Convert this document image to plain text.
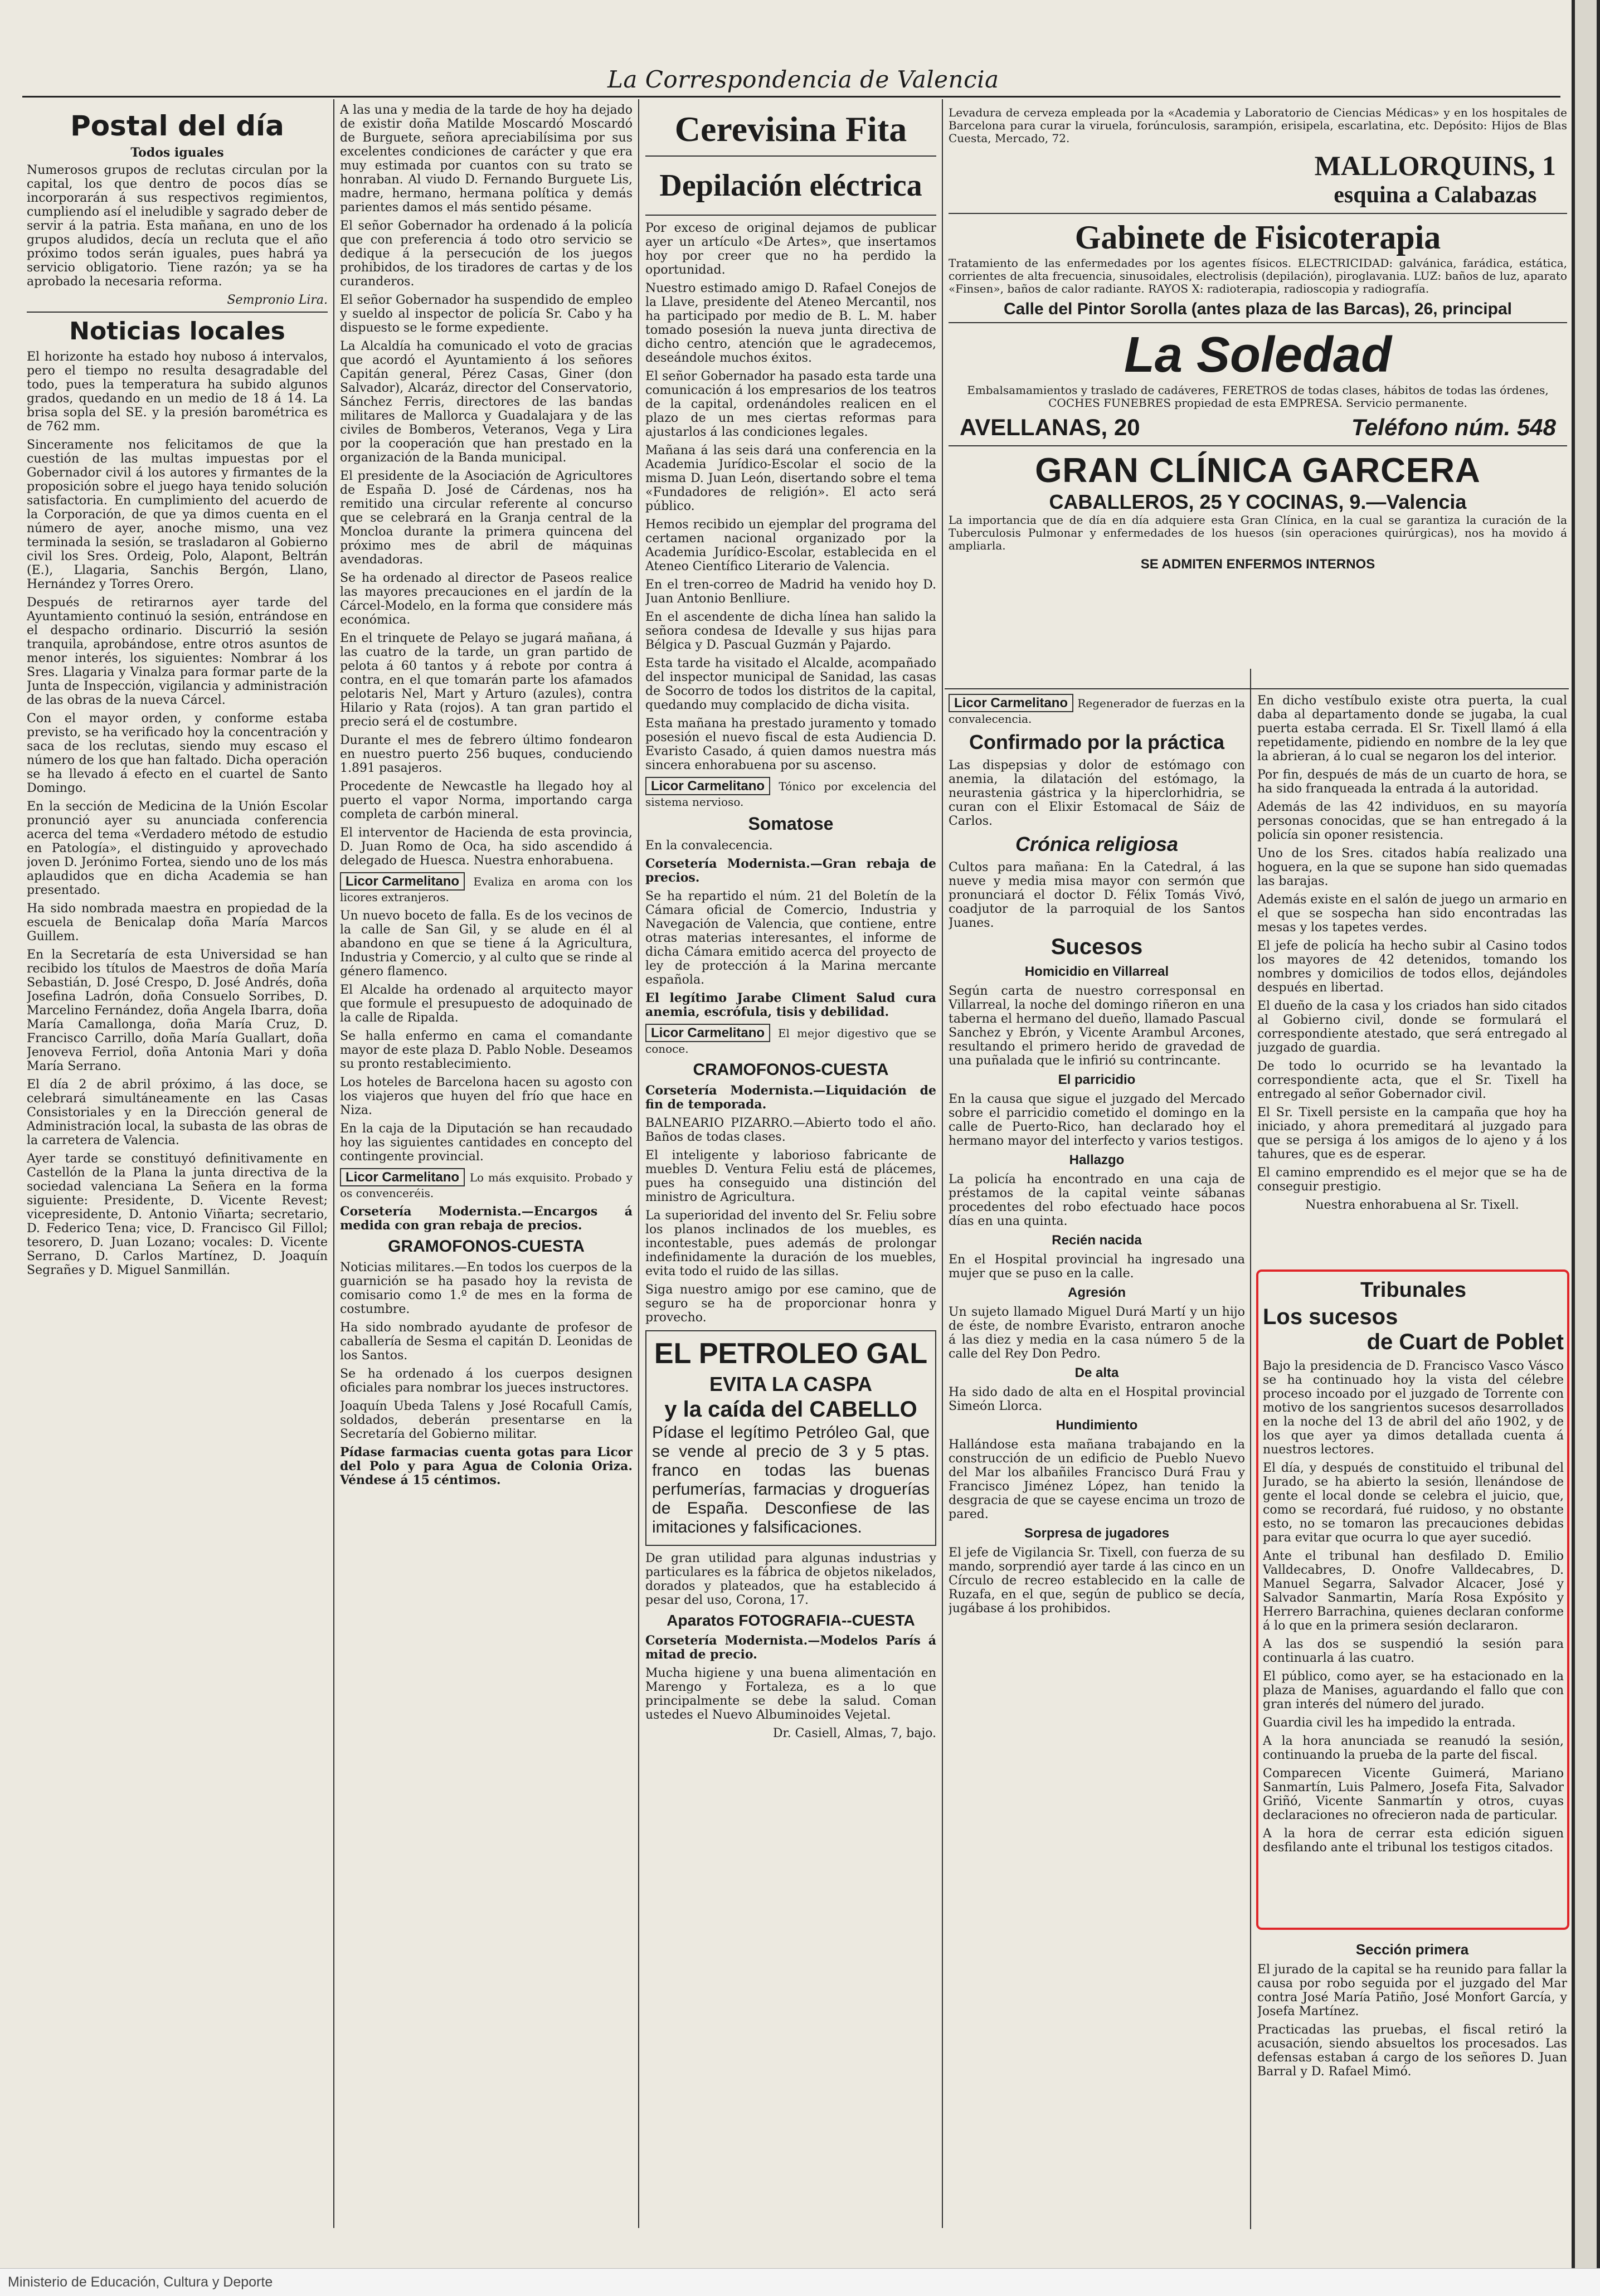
La Correspondencia de Valencia
Postal del día
Todos iguales

Numerosos grupos de reclutas circulan por la capital, los que dentro de pocos días se incorporarán á sus respectivos regimientos, cumpliendo así el ineludible y sagrado deber de servir á la patria. Esta mañana, en uno de los grupos aludidos, decía un recluta que el año próximo todos serán iguales, pues habrá ya servicio obligatorio. Tiene razón; ya se ha aprobado la necesaria reforma.

Sempronio Lira.

Noticias locales

El horizonte ha estado hoy nuboso á intervalos, pero el tiempo no resulta desagradable del todo, pues la temperatura ha subido algunos grados, quedando en un medio de 18 á 14. La brisa sopla del SE. y la presión barométrica es de 762 mm.

Sinceramente nos felicitamos de que la cuestión de las multas impuestas por el Gobernador civil á los autores y firmantes de la proposición sobre el juego haya tenido solución satisfactoria. En cumplimiento del acuerdo de la Corporación, de que ya dimos cuenta en el número de ayer, anoche mismo, una vez terminada la sesión, se trasladaron al Gobierno civil los Sres. Ordeig, Polo, Alapont, Beltrán (E.), Llagaria, Sanchis Bergón, Llano, Hernández y Torres Orero.

Después de retirarnos ayer tarde del Ayuntamiento continuó la sesión, entrándose en el despacho ordinario. Discurrió la sesión tranquila, aprobándose, entre otros asuntos de menor interés, los siguientes: Nombrar á los Sres. Llagaria y Vinalza para formar parte de la Junta de Inspección, vigilancia y administración de las obras de la nueva Cárcel.

Con el mayor orden, y conforme estaba previsto, se ha verificado hoy la concentración y saca de los reclutas, siendo muy escaso el número de los que han faltado. Dicha operación se ha llevado á efecto en el cuartel de Santo Domingo.

En la sección de Medicina de la Unión Escolar pronunció ayer su anunciada conferencia acerca del tema «Verdadero método de estudio en Patología», el distinguido y aprovechado joven D. Jerónimo Fortea, siendo uno de los más aplaudidos que en dicha Academia se han presentado.

Ha sido nombrada maestra en propiedad de la escuela de Benicalap doña María Marcos Guillem.

En la Secretaría de esta Universidad se han recibido los títulos de Maestros de doña María Sebastián, D. José Crespo, D. José Andrés, doña Josefina Ladrón, doña Consuelo Sorribes, D. Marcelino Fernández, doña Angela Ibarra, doña María Camallonga, doña María Cruz, D. Francisco Carrillo, doña María Guallart, doña Jenoveva Ferriol, doña Antonia Mari y doña María Serrano.

El día 2 de abril próximo, á las doce, se celebrará simultáneamente en las Casas Consistoriales y en la Dirección general de Administración local, la subasta de las obras de la carretera de Valencia.

Ayer tarde se constituyó definitivamente en Castellón de la Plana la junta directiva de la sociedad valenciana La Señera en la forma siguiente: Presidente, D. Vicente Revest; vicepresidente, D. Antonio Viñarta; secretario, D. Federico Tena; vice, D. Francisco Gil Fillol; tesorero, D. Juan Lozano; vocales: D. Vicente Serrano, D. Carlos Martínez, D. Joaquín Segrañes y D. Miguel Sanmillán.

A las una y media de la tarde de hoy ha dejado de existir doña Matilde Moscardó Moscardó de Burguete, señora apreciabilísima por sus excelentes condiciones de carácter y que era muy estimada por cuantos con su trato se honraban. Al viudo D. Fernando Burguete Lis, madre, hermano, hermana política y demás parientes damos el más sentido pésame.

El señor Gobernador ha ordenado á la policía que con preferencia á todo otro servicio se dedique á la persecución de los juegos prohibidos, de los tiradores de cartas y de los curanderos.

El señor Gobernador ha suspendido de empleo y sueldo al inspector de policía Sr. Cabo y ha dispuesto se le forme expediente.

La Alcaldía ha comunicado el voto de gracias que acordó el Ayuntamiento á los señores Capitán general, Pérez Casas, Giner (don Salvador), Alcaráz, director del Conservatorio, Sánchez Ferris, directores de las bandas militares de Mallorca y Guadalajara y de las civiles de Bomberos, Veteranos, Vega y Lira por la cooperación que han prestado en la organización de la Banda municipal.

El presidente de la Asociación de Agricultores de España D. José de Cárdenas, nos ha remitido una circular referente al concurso que se celebrará en la Granja central de la Moncloa durante la primera quincena del próximo mes de abril de máquinas avendadoras.

Se ha ordenado al director de Paseos realice las mayores precauciones en el jardín de la Cárcel-Modelo, en la forma que considere más económica.

En el trinquete de Pelayo se jugará mañana, á las cuatro de la tarde, un gran partido de pelota á 60 tantos y á rebote por contra á contra, en el que tomarán parte los afamados pelotaris Nel, Mart y Arturo (azules), contra Hilario y Rata (rojos). A tan gran partido el precio será el de costumbre.

Durante el mes de febrero último fondearon en nuestro puerto 256 buques, conduciendo 1.891 pasajeros.

Procedente de Newcastle ha llegado hoy al puerto el vapor Norma, importando carga completa de carbón mineral.

El interventor de Hacienda de esta provincia, D. Juan Romo de Oca, ha sido ascendido á delegado de Huesca. Nuestra enhorabuena.

Licor Carmelitano Evaliza en aroma con los licores extranjeros.

Un nuevo boceto de falla. Es de los vecinos de la calle de San Gil, y se alude en él al abandono en que se tiene á la Agricultura, Industria y Comercio, y al culto que se rinde al género flamenco.

El Alcalde ha ordenado al arquitecto mayor que formule el presupuesto de adoquinado de la calle de Ripalda.

Se halla enfermo en cama el comandante mayor de este plaza D. Pablo Noble. Deseamos su pronto restablecimiento.

Los hoteles de Barcelona hacen su agosto con los viajeros que huyen del frío que hace en Niza.

En la caja de la Diputación se han recaudado hoy las siguientes cantidades en concepto del contingente provincial.

Licor Carmelitano Lo más exquisito. Probado y os convenceréis.

Corsetería Modernista.—Encargos á medida con gran rebaja de precios.

GRAMOFONOS-CUESTA

Noticias militares.—En todos los cuerpos de la guarnición se ha pasado hoy la revista de comisario como 1.º de mes en la forma de costumbre.

Ha sido nombrado ayudante de profesor de caballería de Sesma el capitán D. Leonidas de los Santos.

Se ha ordenado á los cuerpos designen oficiales para nombrar los jueces instructores.

Joaquín Ubeda Talens y José Rocafull Camís, soldados, deberán presentarse en la Secretaría del Gobierno militar.

Pídase farmacias cuenta gotas para Licor del Polo y para Agua de Colonia Oriza. Véndese á 15 céntimos.

Cerevisina Fita
Depilación eléctrica

Por exceso de original dejamos de publicar ayer un artículo «De Artes», que insertamos hoy por creer que no ha perdido la oportunidad.

Nuestro estimado amigo D. Rafael Conejos de la Llave, presidente del Ateneo Mercantil, nos ha participado por medio de B. L. M. haber tomado posesión la nueva junta directiva de dicho centro, atención que le agradecemos, deseándole muchos éxitos.

El señor Gobernador ha pasado esta tarde una comunicación á los empresarios de los teatros de la capital, ordenándoles realicen en el plazo de un mes ciertas reformas para ajustarlos á las condiciones legales.

Mañana á las seis dará una conferencia en la Academia Jurídico-Escolar el socio de la misma D. Juan León, disertando sobre el tema «Fundadores de religión». El acto será público.

Hemos recibido un ejemplar del programa del certamen nacional organizado por la Academia Jurídico-Escolar, establecida en el Ateneo Científico Literario de Valencia.

En el tren-correo de Madrid ha venido hoy D. Juan Antonio Benlliure.

En el ascendente de dicha línea han salido la señora condesa de Idevalle y sus hijas para Bélgica y D. Pascual Guzmán y Pajardo.

Esta tarde ha visitado el Alcalde, acompañado del inspector municipal de Sanidad, las casas de Socorro de todos los distritos de la capital, quedando muy complacido de dicha visita.

Esta mañana ha prestado juramento y tomado posesión el nuevo fiscal de esta Audiencia D. Evaristo Casado, á quien damos nuestra más sincera enhorabuena por su ascenso.

Licor Carmelitano Tónico por excelencia del sistema nervioso.

Somatose

En la convalecencia.

Corsetería Modernista.—Gran rebaja de precios.

Se ha repartido el núm. 21 del Boletín de la Cámara oficial de Comercio, Industria y Navegación de Valencia, que contiene, entre otras materias interesantes, el informe de dicha Cámara emitido acerca del proyecto de ley de protección á la Marina mercante española.

El legítimo Jarabe Climent Salud cura anemia, escrófula, tisis y debilidad.

Licor Carmelitano El mejor digestivo que se conoce.

CRAMOFONOS-CUESTA

Corsetería Modernista.—Liquidación de fin de temporada.

BALNEARIO PIZARRO.—Abierto todo el año. Baños de todas clases.

El inteligente y laborioso fabricante de muebles D. Ventura Feliu está de plácemes, pues ha conseguido una distinción del ministro de Agricultura.

La superioridad del invento del Sr. Feliu sobre los planos inclinados de los muebles, es incontestable, pues además de prolongar indefinidamente la duración de los muebles, evita todo el ruido de las sillas.

Siga nuestro amigo por ese camino, que de seguro se ha de proporcionar honra y provecho.

EL PETROLEO GAL
EVITA LA CASPA
y la caída del CABELLO

Pídase el legítimo Petróleo Gal, que se vende al precio de 3 y 5 ptas. franco en todas las buenas perfumerías, farmacias y droguerías de España. Desconfiese de las imitaciones y falsificaciones.

De gran utilidad para algunas industrias y particulares es la fábrica de objetos nikelados, dorados y plateados, que ha establecido á pesar del uso, Corona, 17.

Aparatos FOTOGRAFIA--CUESTA

Corsetería Modernista.—Modelos París á mitad de precio.

Mucha higiene y una buena alimentación en Marengo y Fortaleza, es a lo que principalmente se debe la salud. Coman ustedes el Nuevo Albuminoides Vejetal.

Dr. Casiell, Almas, 7, bajo.

Levadura de cerveza empleada por la «Academia y Laboratorio de Ciencias Médicas» y en los hospitales de Barcelona para curar la viruela, forúnculosis, sarampión, erisipela, escarlatina, etc. Depósito: Hijos de Blas Cuesta, Mercado, 72.

MALLORQUINS, 1
esquina a Calabazas
Gabinete de Fisicoterapia

Tratamiento de las enfermedades por los agentes físicos. ELECTRICIDAD: galvánica, farádica, estática, corrientes de alta frecuencia, sinusoidales, electrolisis (depilación), piroglavania. LUZ: baños de luz, aparato «Finsen», baños de calor radiante. RAYOS X: radioterapia, radioscopia y radiografía.

Calle del Pintor Sorolla (antes plaza de las Barcas), 26, principal
La Soledad

Embalsamamientos y traslado de cadáveres, FERETROS de todas clases, hábitos de todas las órdenes, COCHES FUNEBRES propiedad de esta EMPRESA. Servicio permanente.

AVELLANAS, 20	Teléfono núm. 548
GRAN CLÍNICA GARCERA
CABALLEROS, 25 Y COCINAS, 9.—Valencia

La importancia que de día en día adquiere esta Gran Clínica, en la cual se garantiza la curación de la Tuberculosis Pulmonar y enfermedades de los huesos (sin operaciones quirúrgicas), nos ha movido á ampliarla.

SE ADMITEN ENFERMOS INTERNOS

Licor Carmelitano Regenerador de fuerzas en la convalecencia.

Confirmado por la práctica

Las dispepsias y dolor de estómago con anemia, la dilatación del estómago, la neurastenia gástrica y la hiperclorhidria, se curan con el Elixir Estomacal de Sáiz de Carlos.

Crónica religiosa

Cultos para mañana: En la Catedral, á las nueve y media misa mayor con sermón que pronunciará el doctor D. Félix Tomás Vivó, coadjutor de la parroquial de los Santos Juanes.

Sucesos
Homicidio en Villarreal

Según carta de nuestro corresponsal en Villarreal, la noche del domingo riñeron en una taberna el hermano del dueño, llamado Pascual Sanchez y Ebrón, y Vicente Arambul Arcones, resultando el primero herido de gravedad de una puñalada que le infirió su contrincante.

El parricidio

En la causa que sigue el juzgado del Mercado sobre el parricidio cometido el domingo en la calle de Puerto-Rico, han declarado hoy el hermano mayor del interfecto y varios testigos.

Hallazgo

La policía ha encontrado en una caja de préstamos de la capital veinte sábanas procedentes del robo efectuado hace pocos días en una quinta.

Recién nacida

En el Hospital provincial ha ingresado una mujer que se puso en la calle.

Agresión

Un sujeto llamado Miguel Durá Martí y un hijo de éste, de nombre Evaristo, entraron anoche á las diez y media en la casa número 5 de la calle del Rey Don Pedro.

De alta

Ha sido dado de alta en el Hospital provincial Simeón Llorca.

Hundimiento

Hallándose esta mañana trabajando en la construcción de un edificio de Pueblo Nuevo del Mar los albañiles Francisco Durá Frau y Francisco Jiménez López, han tenido la desgracia de que se cayese encima un trozo de pared.

Sorpresa de jugadores

El jefe de Vigilancia Sr. Tixell, con fuerza de su mando, sorprendió ayer tarde á las cinco en un Círculo de recreo establecido en la calle de Ruzafa, en el que, según de publico se decía, jugábase á los prohibidos.

En dicho vestíbulo existe otra puerta, la cual daba al departamento donde se jugaba, la cual puerta estaba cerrada. El Sr. Tixell llamó á ella repetidamente, pidiendo en nombre de la ley que la abrieran, á lo cual se negaron los del interior.

Por fin, después de más de un cuarto de hora, se ha sido franqueada la entrada á la autoridad.

Además de las 42 individuos, en su mayoría personas conocidas, que se han entregado á la policía sin oponer resistencia.

Uno de los Sres. citados había realizado una hoguera, en la que se supone han sido quemadas las barajas.

Además existe en el salón de juego un armario en el que se sospecha han sido encontradas las mesas y los tapetes verdes.

El jefe de policía ha hecho subir al Casino todos los mayores de 42 detenidos, tomando los nombres y domicilios de todos ellos, dejándoles después en libertad.

El dueño de la casa y los criados han sido citados al Gobierno civil, donde se formulará el correspondiente atestado, que será entregado al juzgado de guardia.

De todo lo ocurrido se ha levantado la correspondiente acta, que el Sr. Tixell ha entregado al señor Gobernador civil.

El Sr. Tixell persiste en la campaña que hoy ha iniciado, y ahora premeditará al juzgado para que se persiga á los amigos de lo ajeno y á los tahures, que es de esperar.

El camino emprendido es el mejor que se ha de conseguir prestigio.

Nuestra enhorabuena al Sr. Tixell.

Tribunales
Los sucesos
de Cuart de Poblet

Bajo la presidencia de D. Francisco Vasco Vásco se ha continuado hoy la vista del célebre proceso incoado por el juzgado de Torrente con motivo de los sangrientos sucesos desarrollados en la noche del 13 de abril del año 1902, y de los que ayer ya dimos detallada cuenta á nuestros lectores.

El día, y después de constituido el tribunal del Jurado, se ha abierto la sesión, llenándose de gente el local donde se celebra el juicio, que, como se recordará, fué ruidoso, y no obstante esto, no se tomaron las precauciones debidas para evitar que ocurra lo que ayer sucedió.

Ante el tribunal han desfilado D. Emilio Valldecabres, D. Onofre Valldecabres, D. Manuel Segarra, Salvador Alcacer, José y Salvador Sanmartin, María Rosa Expósito y Herrero Barrachina, quienes declaran conforme á lo que en la primera sesión declararon.

A las dos se suspendió la sesión para continuarla á las cuatro.

El público, como ayer, se ha estacionado en la plaza de Manises, aguardando el fallo que con gran interés del número del jurado.

Guardia civil les ha impedido la entrada.

A la hora anunciada se reanudó la sesión, continuando la prueba de la parte del fiscal.

Comparecen Vicente Guimerá, Mariano Sanmartín, Luis Palmero, Josefa Fita, Salvador Griñó, Vicente Sanmartín y otros, cuyas declaraciones no ofrecieron nada de particular.

A la hora de cerrar esta edición siguen desfilando ante el tribunal los testigos citados.

Sección primera

El jurado de la capital se ha reunido para fallar la causa por robo seguida por el juzgado del Mar contra José María Patiño, José Monfort García, y Josefa Martínez.

Practicadas las pruebas, el fiscal retiró la acusación, siendo absueltos los procesados. Las defensas estaban á cargo de los señores D. Juan Barral y D. Rafael Mimó.

Ministerio de Educación, Cultura y Deporte
